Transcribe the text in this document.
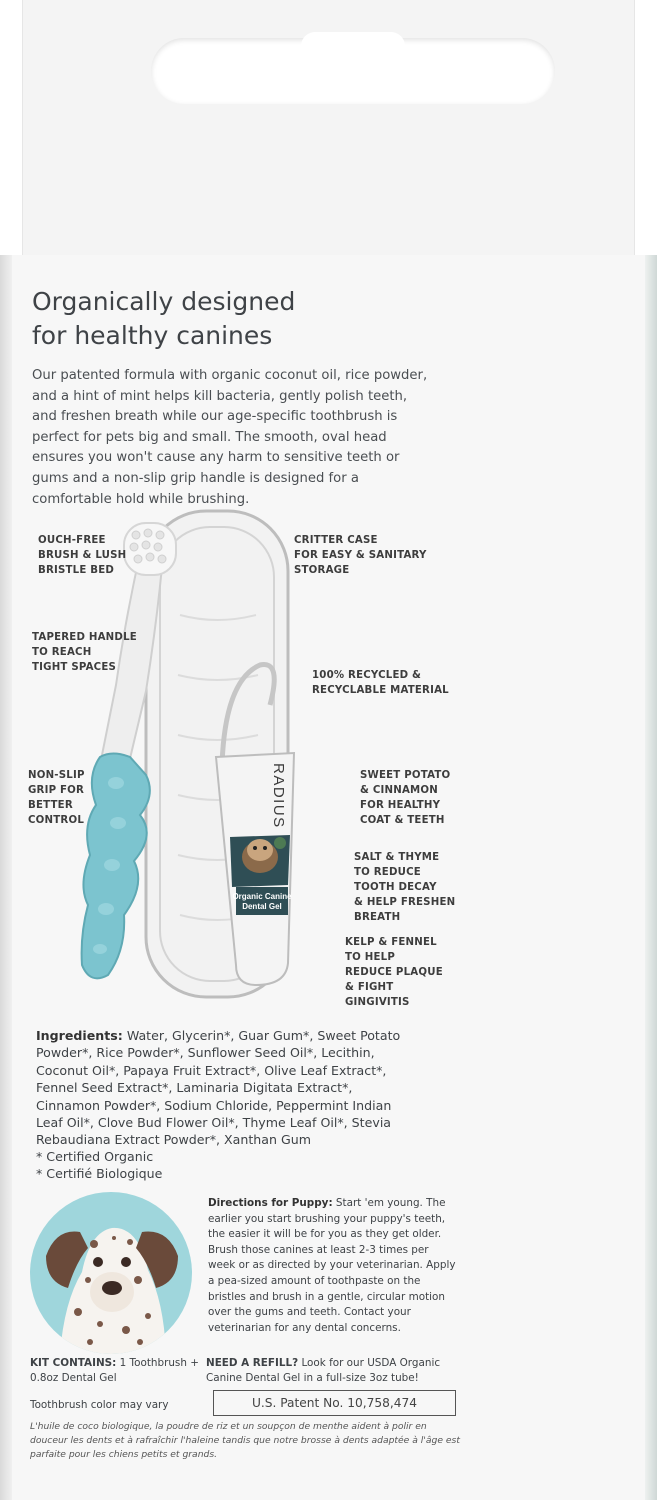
Organically designed
for healthy canines

Our patented formula with organic coconut oil, rice powder, and a hint of mint helps kill bacteria, gently polish teeth, and freshen breath while our age-specific toothbrush is perfect for pets big and small. The smooth, oval head ensures you won't cause any harm to sensitive teeth or gums and a non-slip grip handle is designed for a comfortable hold while brushing.

RADIUS
Organic Canine
Dental Gel
OUCH-FREE
BRUSH & LUSH
BRISTLE BED
CRITTER CASE
FOR EASY & SANITARY
STORAGE
TAPERED HANDLE
TO REACH
TIGHT SPACES
100% RECYCLED &
RECYCLABLE MATERIAL
NON-SLIP
GRIP FOR
BETTER
CONTROL
SWEET POTATO
& CINNAMON
FOR HEALTHY
COAT & TEETH
SALT & THYME
TO REDUCE
TOOTH DECAY
& HELP FRESHEN
BREATH
KELP & FENNEL
TO HELP
REDUCE PLAQUE
& FIGHT
GINGIVITIS

Ingredients: Water, Glycerin*, Guar Gum*, Sweet Potato Powder*, Rice Powder*, Sunflower Seed Oil*, Lecithin, Coconut Oil*, Papaya Fruit Extract*, Olive Leaf Extract*, Fennel Seed Extract*, Laminaria Digitata Extract*, Cinnamon Powder*, Sodium Chloride, Peppermint Indian Leaf Oil*, Clove Bud Flower Oil*, Thyme Leaf Oil*, Stevia Rebaudiana Extract Powder*, Xanthan Gum

* Certified Organic
* Certifié Biologique

Directions for Puppy: Start 'em young. The earlier you start brushing your puppy's teeth, the easier it will be for you as they get older. Brush those canines at least 2-3 times per week or as directed by your veterinarian. Apply a pea-sized amount of toothpaste on the bristles and brush in a gentle, circular motion over the gums and teeth. Contact your veterinarian for any dental concerns.

KIT CONTAINS: 1 Toothbrush + 0.8oz Dental Gel

NEED A REFILL? Look for our USDA Organic Canine Dental Gel in a full-size 3oz tube!

Toothbrush color may vary	U.S. Patent No. 10,758,474

L'huile de coco biologique, la poudre de riz et un soupçon de menthe aident à polir en douceur les dents et à rafraîchir l'haleine tandis que notre brosse à dents adaptée à l'âge est parfaite pour les chiens petits et grands.
